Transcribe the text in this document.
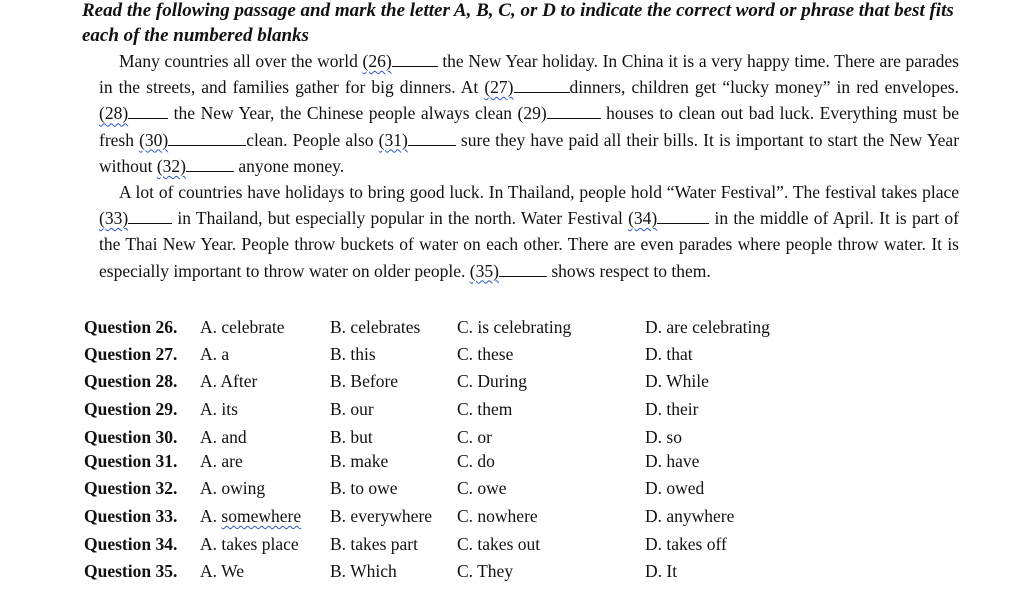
Read the following passage and mark the letter A, B, C, or D to indicate the correct word or phrase that best fits each of the numbered blanks

Many countries all over the world (26)	the New Year holiday. In China it is a very happy time. There are parades in the streets, and families gather for big dinners. At (27)	dinners, children get “lucky money” in red envelopes. (28) the New Year, the Chinese people always clean (29)	houses to clean out bad luck. Everything must be fresh (30)	clean. People also (31)	sure they have paid all their bills. It is important to start the New Year without (32)	anyone money.

A lot of countries have holidays to bring good luck. In Thailand, people hold “Water Festival”. The festival takes place (33)	in Thailand, but especially popular in the north. Water Festival (34)	in the middle of April. It is part of the Thai New Year. People throw buckets of water on each other. There are even parades where people throw water. It is especially important to throw water on older people. (35)	shows respect to them.

Question 26. A. celebrate	B. celebrates C. is celebrating	D. are celebrating
Question 27. A. a	B. this	C. these	D. that
Question 28. A. After	B. Before	C. During	D. While
Question 29. A. its	B. our	C. them	D. their
Question 30. A. and	B. but	C. or	D. so
Question 31. A. are	B. make	C. do	D. have
Question 32. A. owing	B. to owe	C. owe	D. owed
Question 33. A. somewhere B. everywhere C. nowhere	D. anywhere
Question 34. A. takes place B. takes part C. takes out	D. takes off
Question 35. A. We	B. Which	C. They	D. It
